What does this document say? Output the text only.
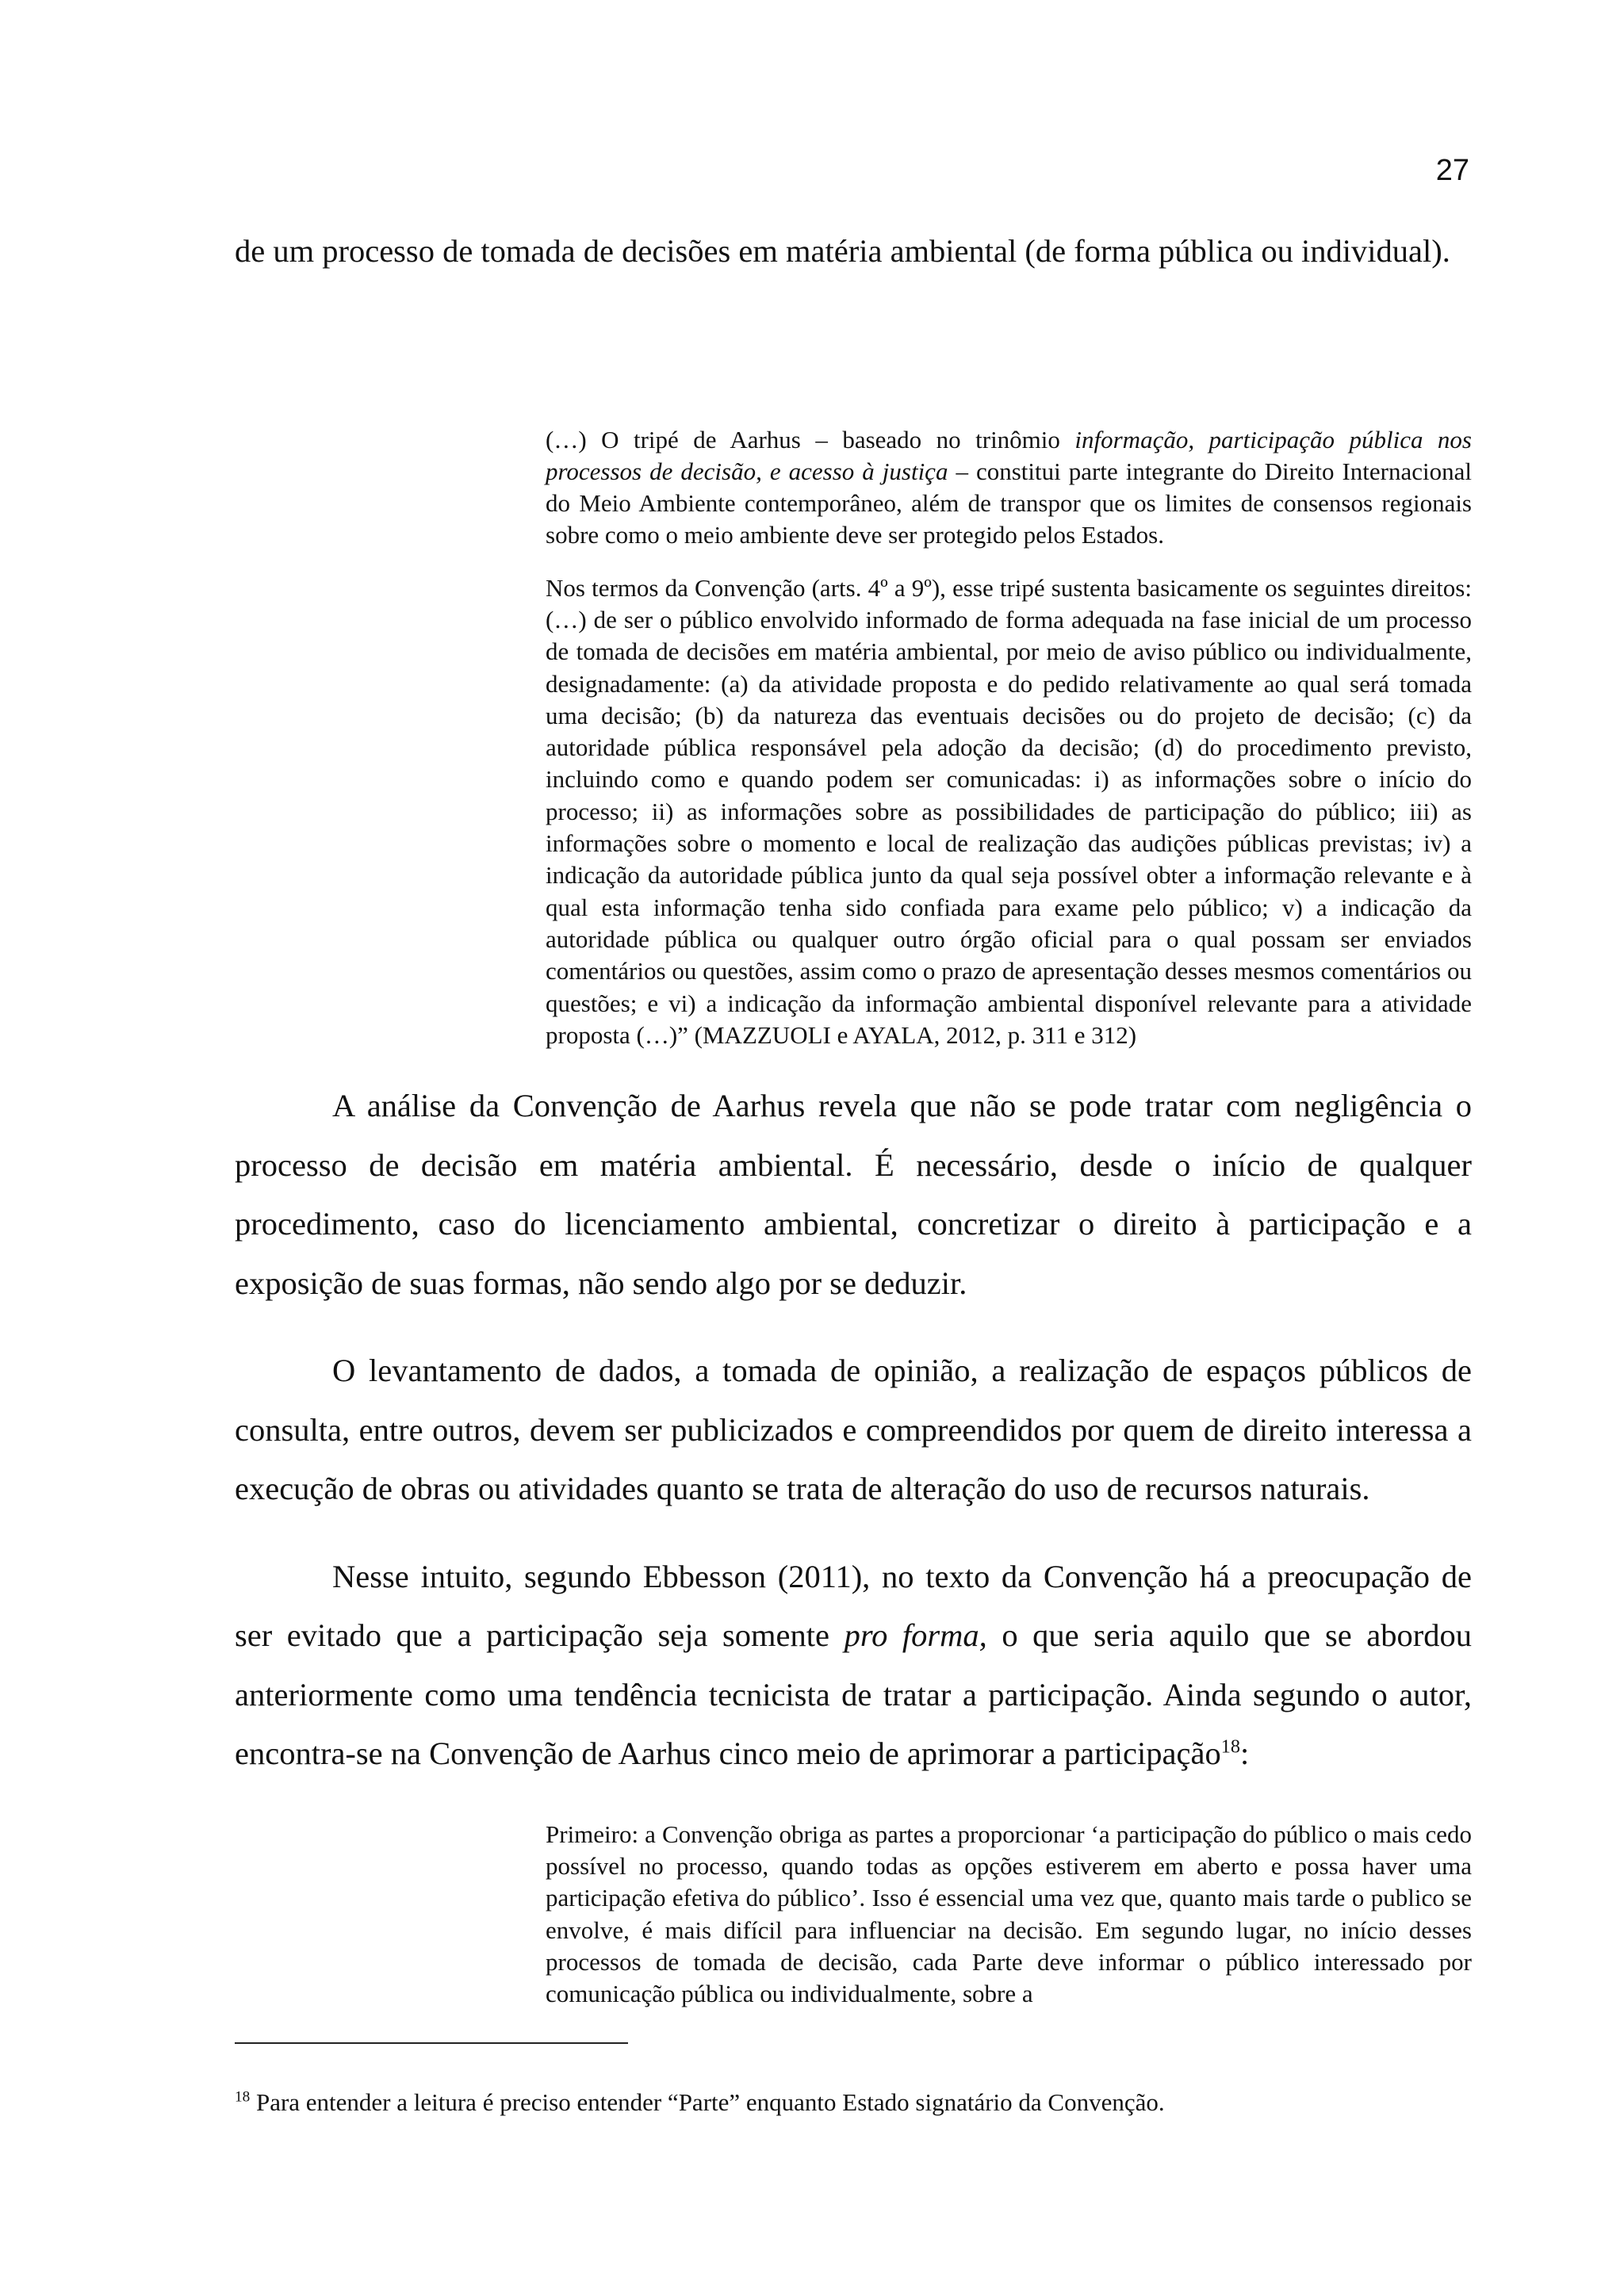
27

de um processo de tomada de decisões em matéria ambiental (de forma pública ou individual).

(…) O tripé de Aarhus – baseado no trinômio informação, participação pública nos processos de decisão, e acesso à justiça – constitui parte integrante do Direito Internacional do Meio Ambiente contemporâneo, além de transpor que os limites de consensos regionais sobre como o meio ambiente deve ser protegido pelos Estados.

Nos termos da Convenção (arts. 4º a 9º), esse tripé sustenta basicamente os seguintes direitos: (…) de ser o público envolvido informado de forma adequada na fase inicial de um processo de tomada de decisões em matéria ambiental, por meio de aviso público ou individualmente, designadamente: (a) da atividade proposta e do pedido relativamente ao qual será tomada uma decisão; (b) da natureza das eventuais decisões ou do projeto de decisão; (c) da autoridade pública responsável pela adoção da decisão; (d) do procedimento previsto, incluindo como e quando podem ser comunicadas: i) as informações sobre o início do processo; ii) as informações sobre as possibilidades de participação do público; iii) as informações sobre o momento e local de realização das audições públicas previstas; iv) a indicação da autoridade pública junto da qual seja possível obter a informação relevante e à qual esta informação tenha sido confiada para exame pelo público; v) a indicação da autoridade pública ou qualquer outro órgão oficial para o qual possam ser enviados comentários ou questões, assim como o prazo de apresentação desses mesmos comentários ou questões; e vi) a indicação da informação ambiental disponível relevante para a atividade proposta (…)” (MAZZUOLI e AYALA, 2012, p. 311 e 312)

A análise da Convenção de Aarhus revela que não se pode tratar com negligência o processo de decisão em matéria ambiental. É necessário, desde o início de qualquer procedimento, caso do licenciamento ambiental, concretizar o direito à participação e a exposição de suas formas, não sendo algo por se deduzir.

O levantamento de dados, a tomada de opinião, a realização de espaços públicos de consulta, entre outros, devem ser publicizados e compreendidos por quem de direito interessa a execução de obras ou atividades quanto se trata de alteração do uso de recursos naturais.

Nesse intuito, segundo Ebbesson (2011), no texto da Convenção há a preocupação de ser evitado que a participação seja somente pro forma, o que seria aquilo que se abordou anteriormente como uma tendência tecnicista de tratar a participação. Ainda segundo o autor, encontra-se na Convenção de Aarhus cinco meio de aprimorar a participação$^{18}$:

Primeiro: a Convenção obriga as partes a proporcionar ‘a participação do público o mais cedo possível no processo, quando todas as opções estiverem em aberto e possa haver uma participação efetiva do público’. Isso é essencial uma vez que, quanto mais tarde o publico se envolve, é mais difícil para influenciar na decisão. Em segundo lugar, no início desses processos de tomada de decisão, cada Parte deve informar o público interessado por comunicação pública ou individualmente, sobre a

$^{18}$ Para entender a leitura é preciso entender “Parte” enquanto Estado signatário da Convenção.
